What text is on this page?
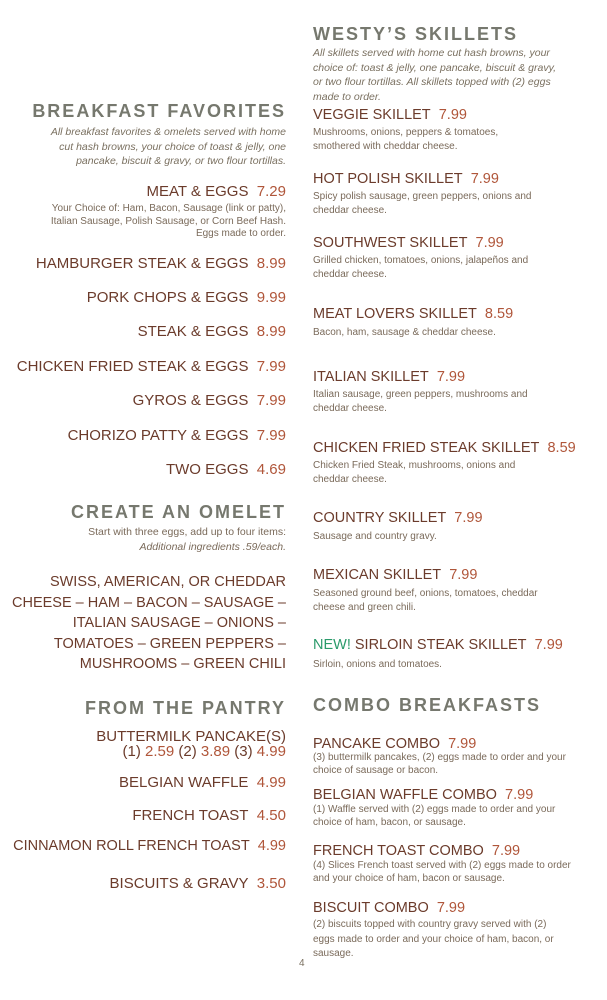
BREAKFAST FAVORITES
All breakfast favorites & omelets served with home cut hash browns, your choice of toast & jelly, one pancake, biscuit & gravy, or two flour tortillas.
MEAT & EGGS 7.29
Your Choice of: Ham, Bacon, Sausage (link or patty), Italian Sausage, Polish Sausage, or Corn Beef Hash. Eggs made to order.
HAMBURGER STEAK & EGGS 8.99
PORK CHOPS & EGGS 9.99
STEAK & EGGS 8.99
CHICKEN FRIED STEAK & EGGS 7.99
GYROS & EGGS 7.99
CHORIZO PATTY & EGGS 7.99
TWO EGGS 4.69
CREATE AN OMELET
Start with three eggs, add up to four items:
Additional ingredients .59/each.
SWISS, AMERICAN, OR CHEDDAR CHEESE – HAM – BACON – SAUSAGE – ITALIAN SAUSAGE – ONIONS – TOMATOES – GREEN PEPPERS – MUSHROOMS – GREEN CHILI
FROM THE PANTRY
BUTTERMILK PANCAKE(S)
(1) 2.59 (2) 3.89 (3) 4.99
BELGIAN WAFFLE 4.99
FRENCH TOAST 4.50
CINNAMON ROLL FRENCH TOAST 4.99
BISCUITS & GRAVY 3.50
WESTY’S SKILLETS
All skillets served with home cut hash browns, your choice of: toast & jelly, one pancake, biscuit & gravy, or two flour tortillas. All skillets topped with (2) eggs made to order.
VEGGIE SKILLET 7.99
Mushrooms, onions, peppers & tomatoes, smothered with cheddar cheese.
HOT POLISH SKILLET 7.99
Spicy polish sausage, green peppers, onions and cheddar cheese.
SOUTHWEST SKILLET 7.99
Grilled chicken, tomatoes, onions, jalapeños and cheddar cheese.
MEAT LOVERS SKILLET 8.59
Bacon, ham, sausage & cheddar cheese.
ITALIAN SKILLET 7.99
Italian sausage, green peppers, mushrooms and cheddar cheese.
CHICKEN FRIED STEAK SKILLET 8.59
Chicken Fried Steak, mushrooms, onions and cheddar cheese.
COUNTRY SKILLET 7.99
Sausage and country gravy.
MEXICAN SKILLET 7.99
Seasoned ground beef, onions, tomatoes, cheddar cheese and green chili.
NEW! SIRLOIN STEAK SKILLET 7.99
Sirloin, onions and tomatoes.
COMBO BREAKFASTS
PANCAKE COMBO 7.99
(3) buttermilk pancakes, (2) eggs made to order and your choice of sausage or bacon.
BELGIAN WAFFLE COMBO 7.99
(1) Waffle served with (2) eggs made to order and your choice of ham, bacon, or sausage.
FRENCH TOAST COMBO 7.99
(4) Slices French toast served with (2) eggs made to order and your choice of ham, bacon or sausage.
BISCUIT COMBO 7.99
(2) biscuits topped with country gravy served with (2) eggs made to order and your choice of ham, bacon, or sausage.
4
